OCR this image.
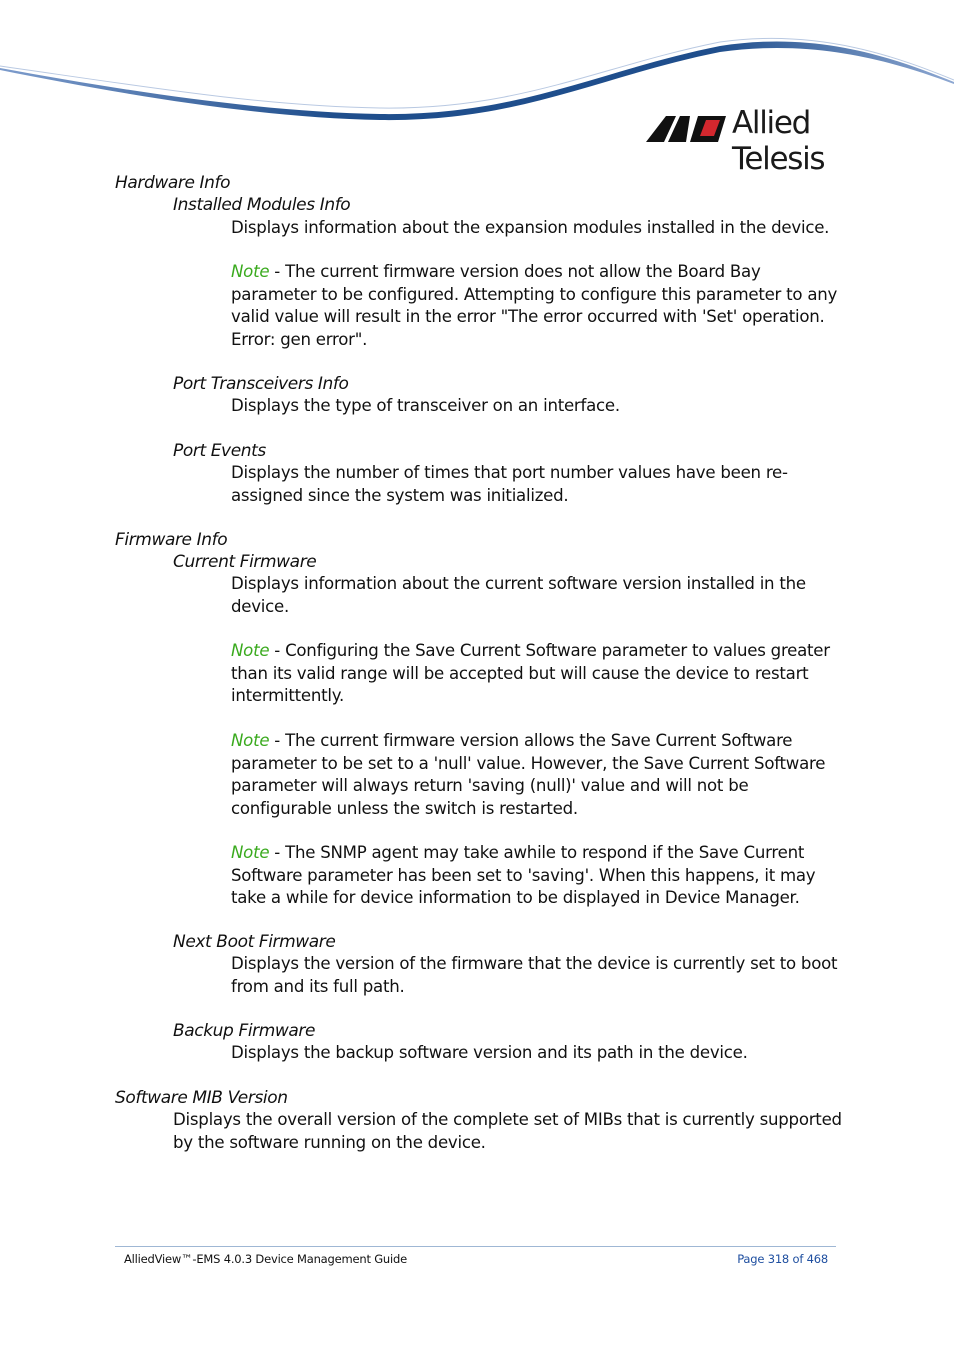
Allied Telesis
Hardware Info
Installed Modules Info
Displays information about the expansion modules installed in the device.
Note - The current firmware version does not allow the Board Bay parameter to be configured. Attempting to configure this parameter to any valid value will result in the error "The error occurred with 'Set' operation. Error: gen error".
Port Transceivers Info
Displays the type of transceiver on an interface.
Port Events
Displays the number of times that port number values have been re-assigned since the system was initialized.
Firmware Info
Current Firmware
Displays information about the current software version installed in the device.
Note - Configuring the Save Current Software parameter to values greater than its valid range will be accepted but will cause the device to restart intermittently.
Note - The current firmware version allows the Save Current Software parameter to be set to a 'null' value. However, the Save Current Software parameter will always return 'saving (null)' value and will not be configurable unless the switch is restarted.
Note - The SNMP agent may take awhile to respond if the Save Current Software parameter has been set to 'saving'. When this happens, it may take a while for device information to be displayed in Device Manager.
Next Boot Firmware
Displays the version of the firmware that the device is currently set to boot from and its full path.
Backup Firmware
Displays the backup software version and its path in the device.
Software MIB Version
Displays the overall version of the complete set of MIBs that is currently supported by the software running on the device.
AlliedView™-EMS 4.0.3 Device Management Guide	Page 318 of 468
